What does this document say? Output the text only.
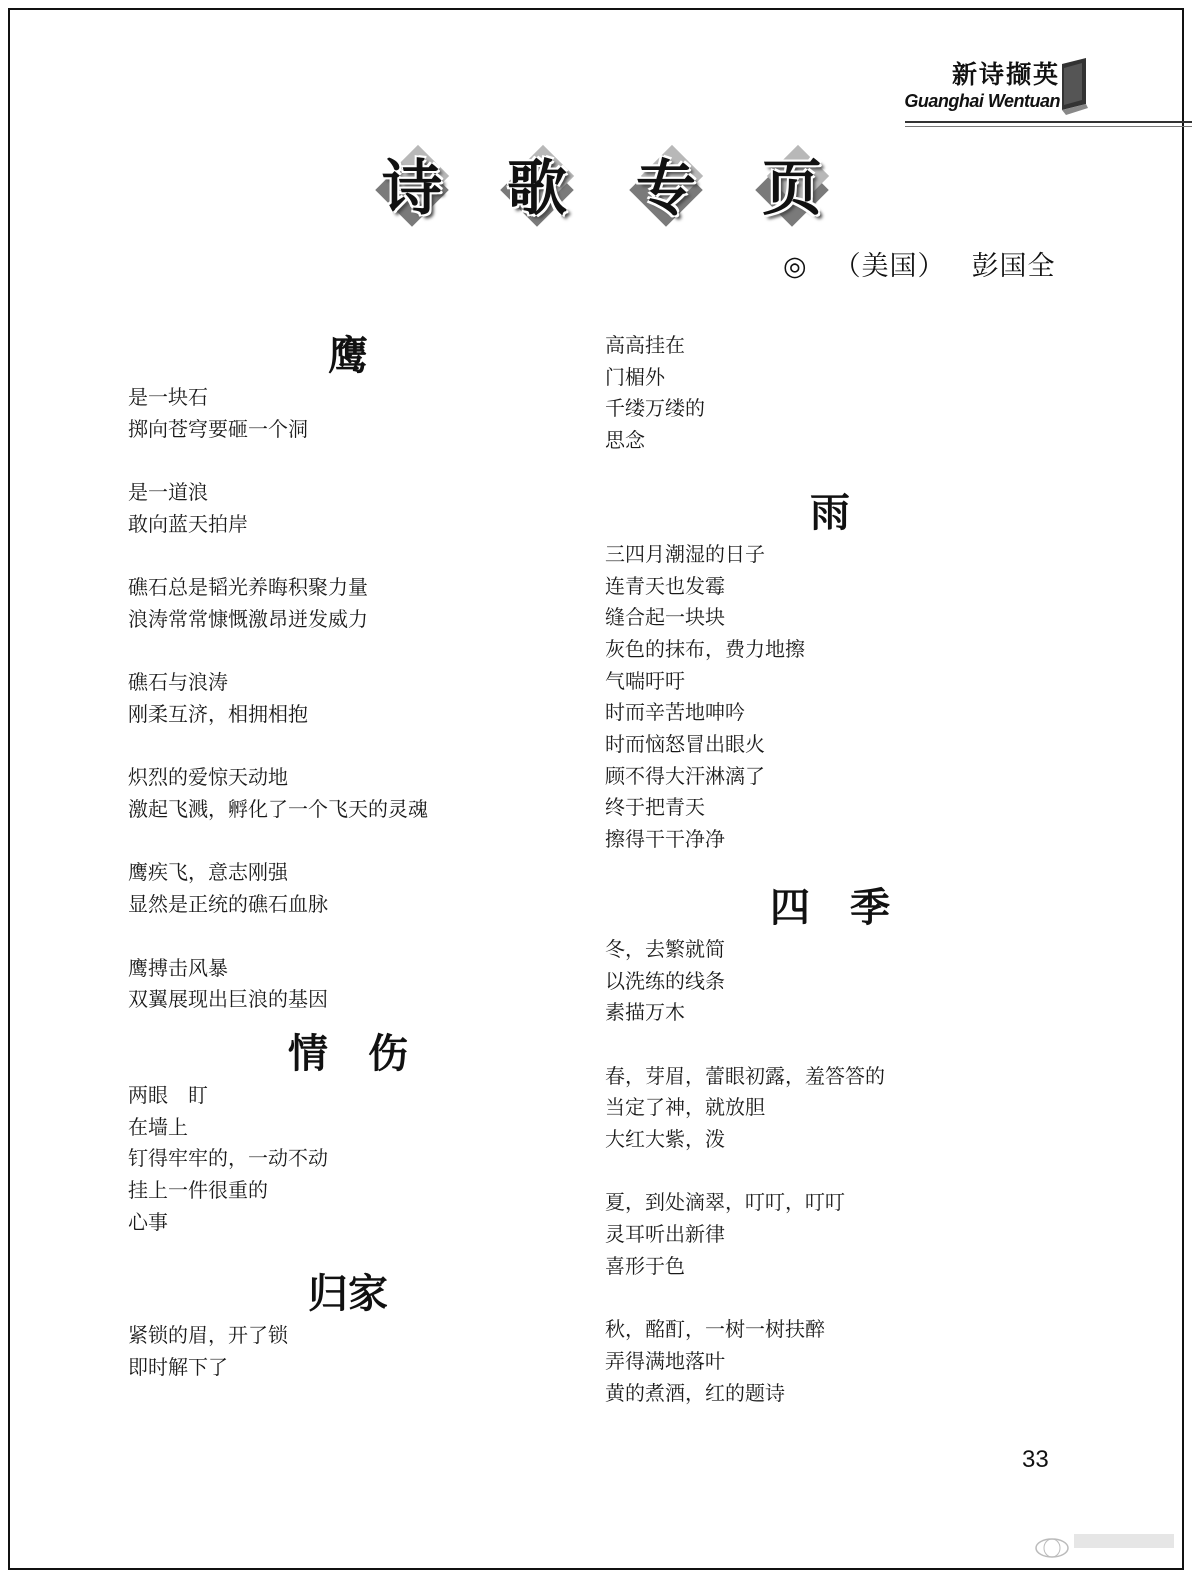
新诗撷英
Guanghai Wentuan
诗 歌 专 页
◎ （美国） 彭国全
鹰
是一块石
掷向苍穹要砸一个洞
是一道浪
敢向蓝天拍岸
礁石总是韬光养晦积聚力量
浪涛常常慷慨激昂迸发威力
礁石与浪涛
刚柔互济，相拥相抱
炽烈的爱惊天动地
激起飞溅，孵化了一个飞天的灵魂
鹰疾飞，意志刚强
显然是正统的礁石血脉
鹰搏击风暴
双翼展现出巨浪的基因
情　伤
两眼　盯
在墙上
钉得牢牢的，一动不动
挂上一件很重的
心事
归家
紧锁的眉，开了锁
即时解下了
高高挂在
门楣外
千缕万缕的
思念
雨
三四月潮湿的日子
连青天也发霉
缝合起一块块
灰色的抹布，费力地擦
气喘吁吁
时而辛苦地呻吟
时而恼怒冒出眼火
顾不得大汗淋漓了
终于把青天
擦得干干净净
四　季
冬，去繁就简
以洗练的线条
素描万木
春，芽眉，蕾眼初露，羞答答的
当定了神，就放胆
大红大紫，泼
夏，到处滴翠，叮叮，叮叮
灵耳听出新律
喜形于色
秋，酩酊，一树一树扶醉
弄得满地落叶
黄的煮酒，红的题诗
33
